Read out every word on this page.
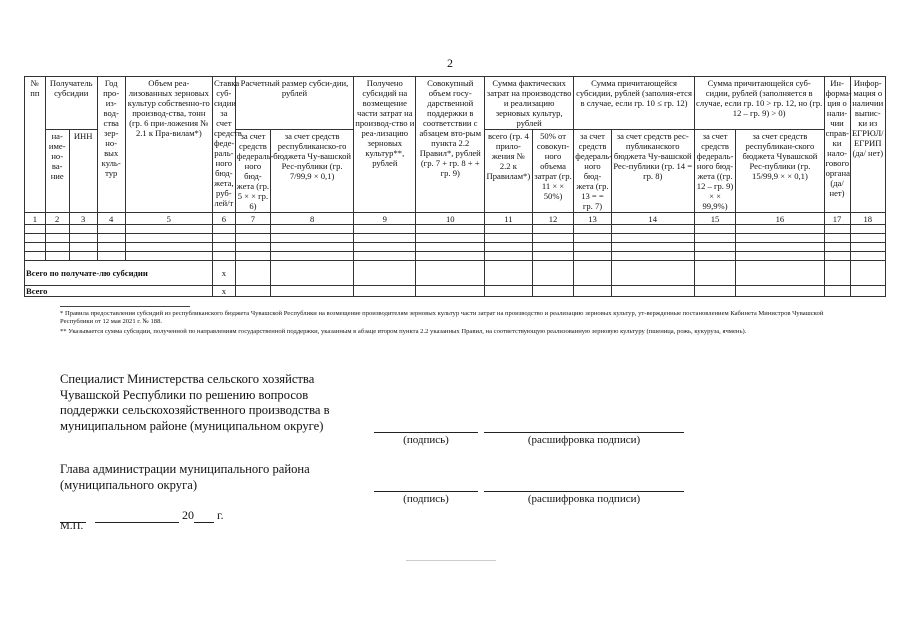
2
№ пп	Получатель субсидии		Год про-из-вод-ства зер-но-вых куль-тур	Объем реа-лизованных зерновых культур собственно-го производ-ства, тонн (гр. 6 при-ложения № 2.1 к Пра-вилам*)	Ставка суб-сидии за счет средств феде-раль-ного бюд-жета, руб-лей/т	Расчетный размер субси-дии, рублей		Получено субсидий на возмещение части затрат на производ-ство и реа-лизацию зерновых культур**, рублей	Совокупный объем госу-дарственной поддержки в соответствии с абзацем вто-рым пункта 2.2 Правил*, рублей (гр. 7 + гр. 8 + + гр. 9)	Сумма фактических затрат на производство и реализацию зерновых культур, рублей		Сумма причитающейся субсидии, рублей (заполня-ется в случае, если гр. 10 ≤ гр. 12)		Сумма причитающейся суб-сидии, рублей (заполняется в случае, если гр. 10 > гр. 12, но (гр. 12 – гр. 9) > 0)		Ин-форма-ция о нали-чии справ-ки нало-гового органа (да/ нет)	Инфор-мация о наличии выпис-ки из ЕГРЮЛ/ ЕГРИП (да/ нет)
	на-име-но-ва-ние	ИНН				за счет средств федераль-ного бюд-жета (гр. 5 × × гр. 6)	за счет средств республиканско-го бюджета Чу-вашской Рес-публики (гр. 7/99,9 × 0,1)			всего (гр. 4 прило-жения № 2.2 к Правилам*)	50% от совокуп-ного объема затрат (гр. 11 × × 50%)	за счет средств федераль-ного бюд-жета (гр. 13 = = гр. 7)	за счет средств рес-публиканского бюджета Чу-вашской Рес-публики (гр. 14 = гр. 8)	за счет средств федераль-ного бюд-жета ((гр. 12 – гр. 9) × × 99,9%)	за счет средств республикан-ского бюджета Чувашской Рес-публики (гр. 15/99,9 × × 0,1)		
1	2	3	4	5	6	7	8	9	10	11	12	13	14	15	16	17	18

Всего по получате-лю субсидии					x												
Всего					x												
* Правила предоставления субсидий из республиканского бюджета Чувашской Республики на возмещение производителям зерновых культур части затрат на производство и реализацию зерновых культур, ут-вержденные постановлением Кабинета Министров Чувашской Республики от 12 мая 2021 г. № 188.
** Указывается сумма субсидии, полученной по направлениям государственной поддержки, указанным в абзаце втором пункта 2.2 указанных Правил, на соответствующую реализованную зерновую культуру (пшеница, рожь, кукуруза, ячмень).
Специалист Министерства сельского хозяйства Чувашской Республики по решению вопросов поддержки сельскохозяйственного производства в муниципальном районе (муниципальном округе)
(подпись)	(расшифровка подписи)
Глава администрации муниципального района (муниципального округа)
(подпись)	(расшифровка подписи)
20 г.
М.П.
